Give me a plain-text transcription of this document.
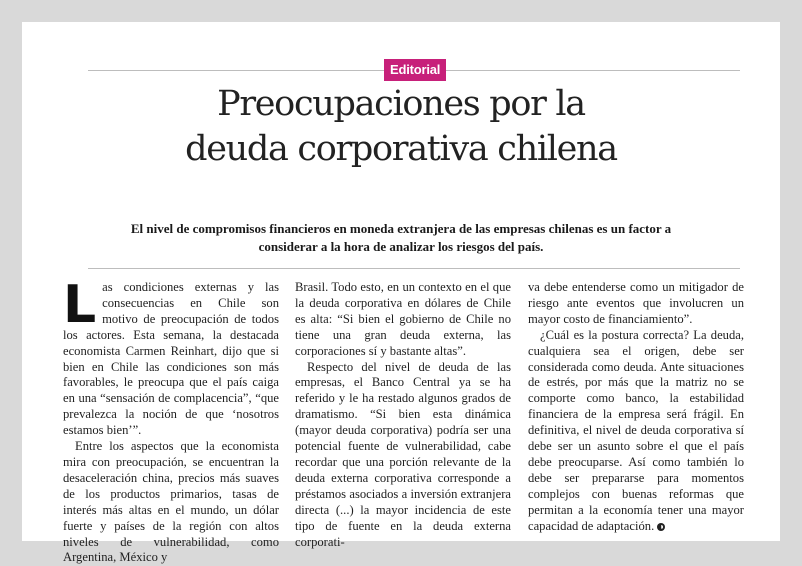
Editorial
Preocupaciones por la
deuda corporativa chilena

El nivel de compromisos financieros en moneda extranjera de las empresas chilenas es un factor a considerar a la hora de analizar los riesgos del país.

Las condiciones externas y las consecuencias en Chile son motivo de preocupación de todos los actores. Esta semana, la destacada economista Carmen Reinhart, dijo que si bien en Chile las condiciones son más favorables, le preocupa que el país caiga en una “sensación de complacencia”, “que prevalezca la noción de que ‘nosotros estamos bien’”.

Entre los aspectos que la economista mira con preocupación, se encuentran la desaceleración china, precios más suaves de los productos primarios, tasas de interés más altas en el mundo, un dólar fuerte y países de la región con altos niveles de vulnerabilidad, como Argentina, México y

Brasil. Todo esto, en un contexto en el que la deuda corporativa en dólares de Chile es alta: “Si bien el gobierno de Chile no tiene una gran deuda externa, las corporaciones sí y bastante altas”.

Respecto del nivel de deuda de las empresas, el Banco Central ya se ha referido y le ha restado algunos grados de dramatismo. “Si bien esta dinámica (mayor deuda corporativa) podría ser una potencial fuente de vulnerabilidad, cabe recordar que una porción relevante de la deuda externa corporativa corresponde a préstamos asociados a inversión extranjera directa (...) la mayor incidencia de este tipo de fuente en la deuda externa corporati-

va debe entenderse como un mitigador de riesgo ante eventos que involucren un mayor costo de financiamiento”.

¿Cuál es la postura correcta? La deuda, cualquiera sea el origen, debe ser considerada como deuda. Ante situaciones de estrés, por más que la matriz no se comporte como banco, la estabilidad financiera de la empresa será frágil. En definitiva, el nivel de deuda corporativa sí debe ser un asunto sobre el que el país debe preocuparse. Así como también lo debe ser prepararse para momentos complejos con buenas reformas que permitan a la economía tener una mayor capacidad de adaptación.
